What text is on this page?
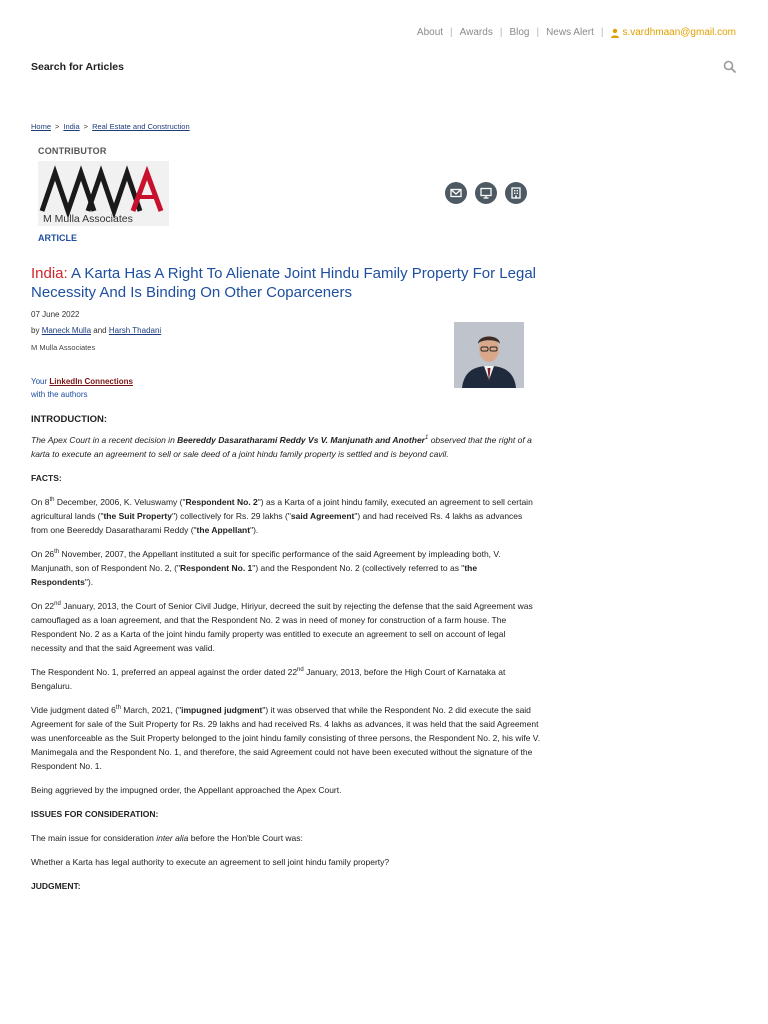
About | Awards | Blog | News Alert | s.vardhmaan@gmail.com
Search for Articles
Home > India > Real Estate and Construction
CONTRIBUTOR
M Mulla Associates
ARTICLE
India: A Karta Has A Right To Alienate Joint Hindu Family Property For Legal Necessity And Is Binding On Other Coparceners
07 June 2022
by Maneck Mulla and Harsh Thadani
M Mulla Associates
Your LinkedIn Connections
with the authors
INTRODUCTION:

The Apex Court in a recent decision in Beereddy Dasaratharami Reddy Vs V. Manjunath and Another$^1$ observed that the right of a karta to execute an agreement to sell or sale deed of a joint hindu family property is settled and is beyond cavil.

FACTS:

On 8th December, 2006, K. Veluswamy ("Respondent No. 2") as a Karta of a joint hindu family, executed an agreement to sell certain agricultural lands ("the Suit Property") collectively for Rs. 29 lakhs ("said Agreement") and had received Rs. 4 lakhs as advances from one Beereddy Dasaratharami Reddy ("the Appellant").

On 26th November, 2007, the Appellant instituted a suit for specific performance of the said Agreement by impleading both, V. Manjunath, son of Respondent No. 2, ("Respondent No. 1") and the Respondent No. 2 (collectively referred to as "the Respondents").

On 22nd January, 2013, the Court of Senior Civil Judge, Hiriyur, decreed the suit by rejecting the defense that the said Agreement was camouflaged as a loan agreement, and that the Respondent No. 2 was in need of money for construction of a farm house. The Respondent No. 2 as a Karta of the joint hindu family property was entitled to execute an agreement to sell on account of legal necessity and that the said Agreement was valid.

The Respondent No. 1, preferred an appeal against the order dated 22nd January, 2013, before the High Court of Karnataka at Bengaluru.

Vide judgment dated 6th March, 2021, ("impugned judgment") it was observed that while the Respondent No. 2 did execute the said Agreement for sale of the Suit Property for Rs. 29 lakhs and had received Rs. 4 lakhs as advances, it was held that the said Agreement was unenforceable as the Suit Property belonged to the joint hindu family consisting of three persons, the Respondent No. 2, his wife V. Manimegala and the Respondent No. 1, and therefore, the said Agreement could not have been executed without the signature of the Respondent No. 1.

Being aggrieved by the impugned order, the Appellant approached the Apex Court.

ISSUES FOR CONSIDERATION:

The main issue for consideration inter alia before the Hon'ble Court was:

Whether a Karta has legal authority to execute an agreement to sell joint hindu family property?

JUDGMENT:
